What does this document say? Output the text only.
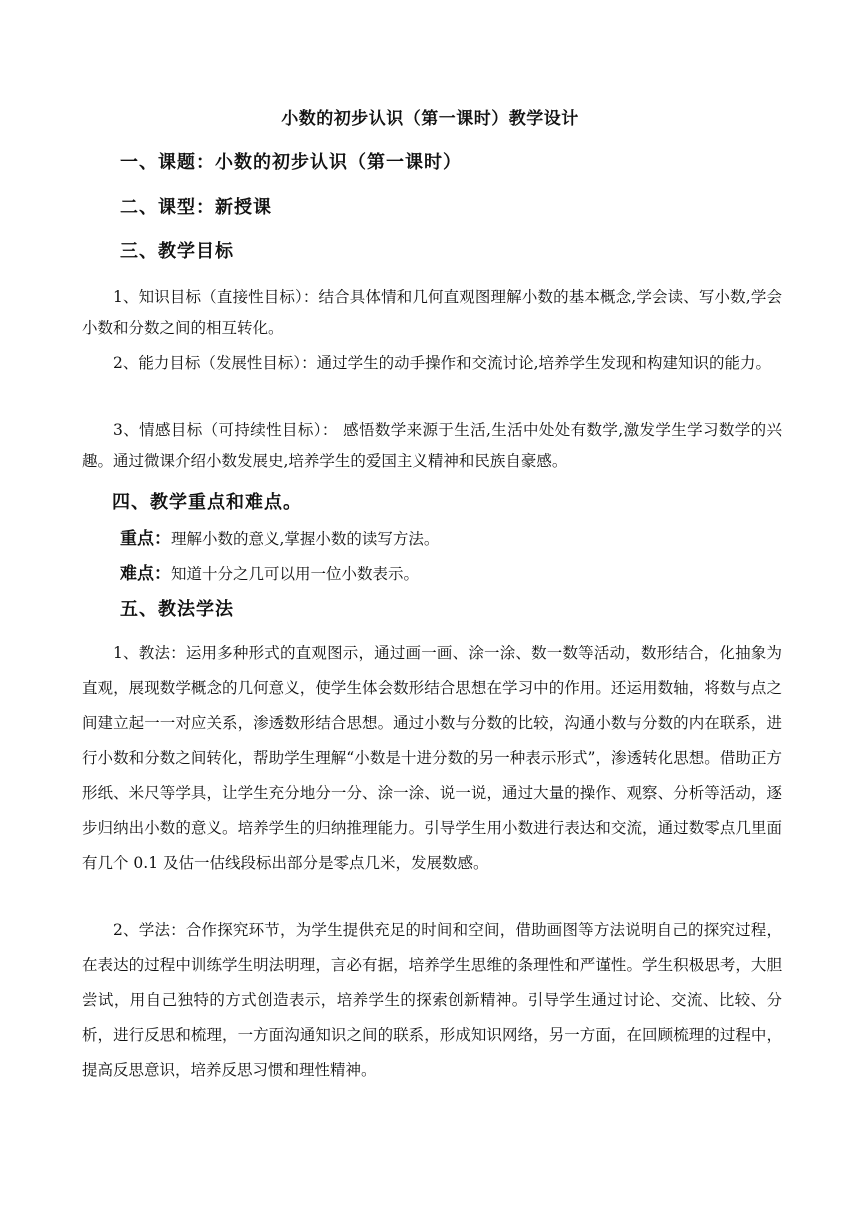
小数的初步认识（第一课时）教学设计
一、课题：小数的初步认识（第一课时）
二、课型：新授课
三、教学目标
1、知识目标（直接性目标）：结合具体情和几何直观图理解小数的基本概念,学会读、写小数,学会小数和分数之间的相互转化。
2、能力目标（发展性目标）：通过学生的动手操作和交流讨论,培养学生发现和构建知识的能力。
3、情感目标（可持续性目标）： 感悟数学来源于生活,生活中处处有数学,激发学生学习数学的兴趣。通过微课介绍小数发展史,培养学生的爱国主义精神和民族自豪感。
四、教学重点和难点。
重点：理解小数的意义,掌握小数的读写方法。
难点：知道十分之几可以用一位小数表示。
五、教法学法
1、教法：运用多种形式的直观图示，通过画一画、涂一涂、数一数等活动，数形结合，化抽象为直观，展现数学概念的几何意义，使学生体会数形结合思想在学习中的作用。还运用数轴，将数与点之间建立起一一对应关系，渗透数形结合思想。通过小数与分数的比较，沟通小数与分数的内在联系，进行小数和分数之间转化，帮助学生理解“小数是十进分数的另一种表示形式”，渗透转化思想。借助正方形纸、米尺等学具，让学生充分地分一分、涂一涂、说一说，通过大量的操作、观察、分析等活动，逐步归纳出小数的意义。培养学生的归纳推理能力。引导学生用小数进行表达和交流，通过数零点几里面有几个 0.1 及估一估线段标出部分是零点几米，发展数感。
2、学法：合作探究环节，为学生提供充足的时间和空间，借助画图等方法说明自己的探究过程，在表达的过程中训练学生明法明理，言必有据，培养学生思维的条理性和严谨性。学生积极思考，大胆尝试，用自己独特的方式创造表示，培养学生的探索创新精神。引导学生通过讨论、交流、比较、分析，进行反思和梳理，一方面沟通知识之间的联系，形成知识网络，另一方面，在回顾梳理的过程中，提高反思意识，培养反思习惯和理性精神。
